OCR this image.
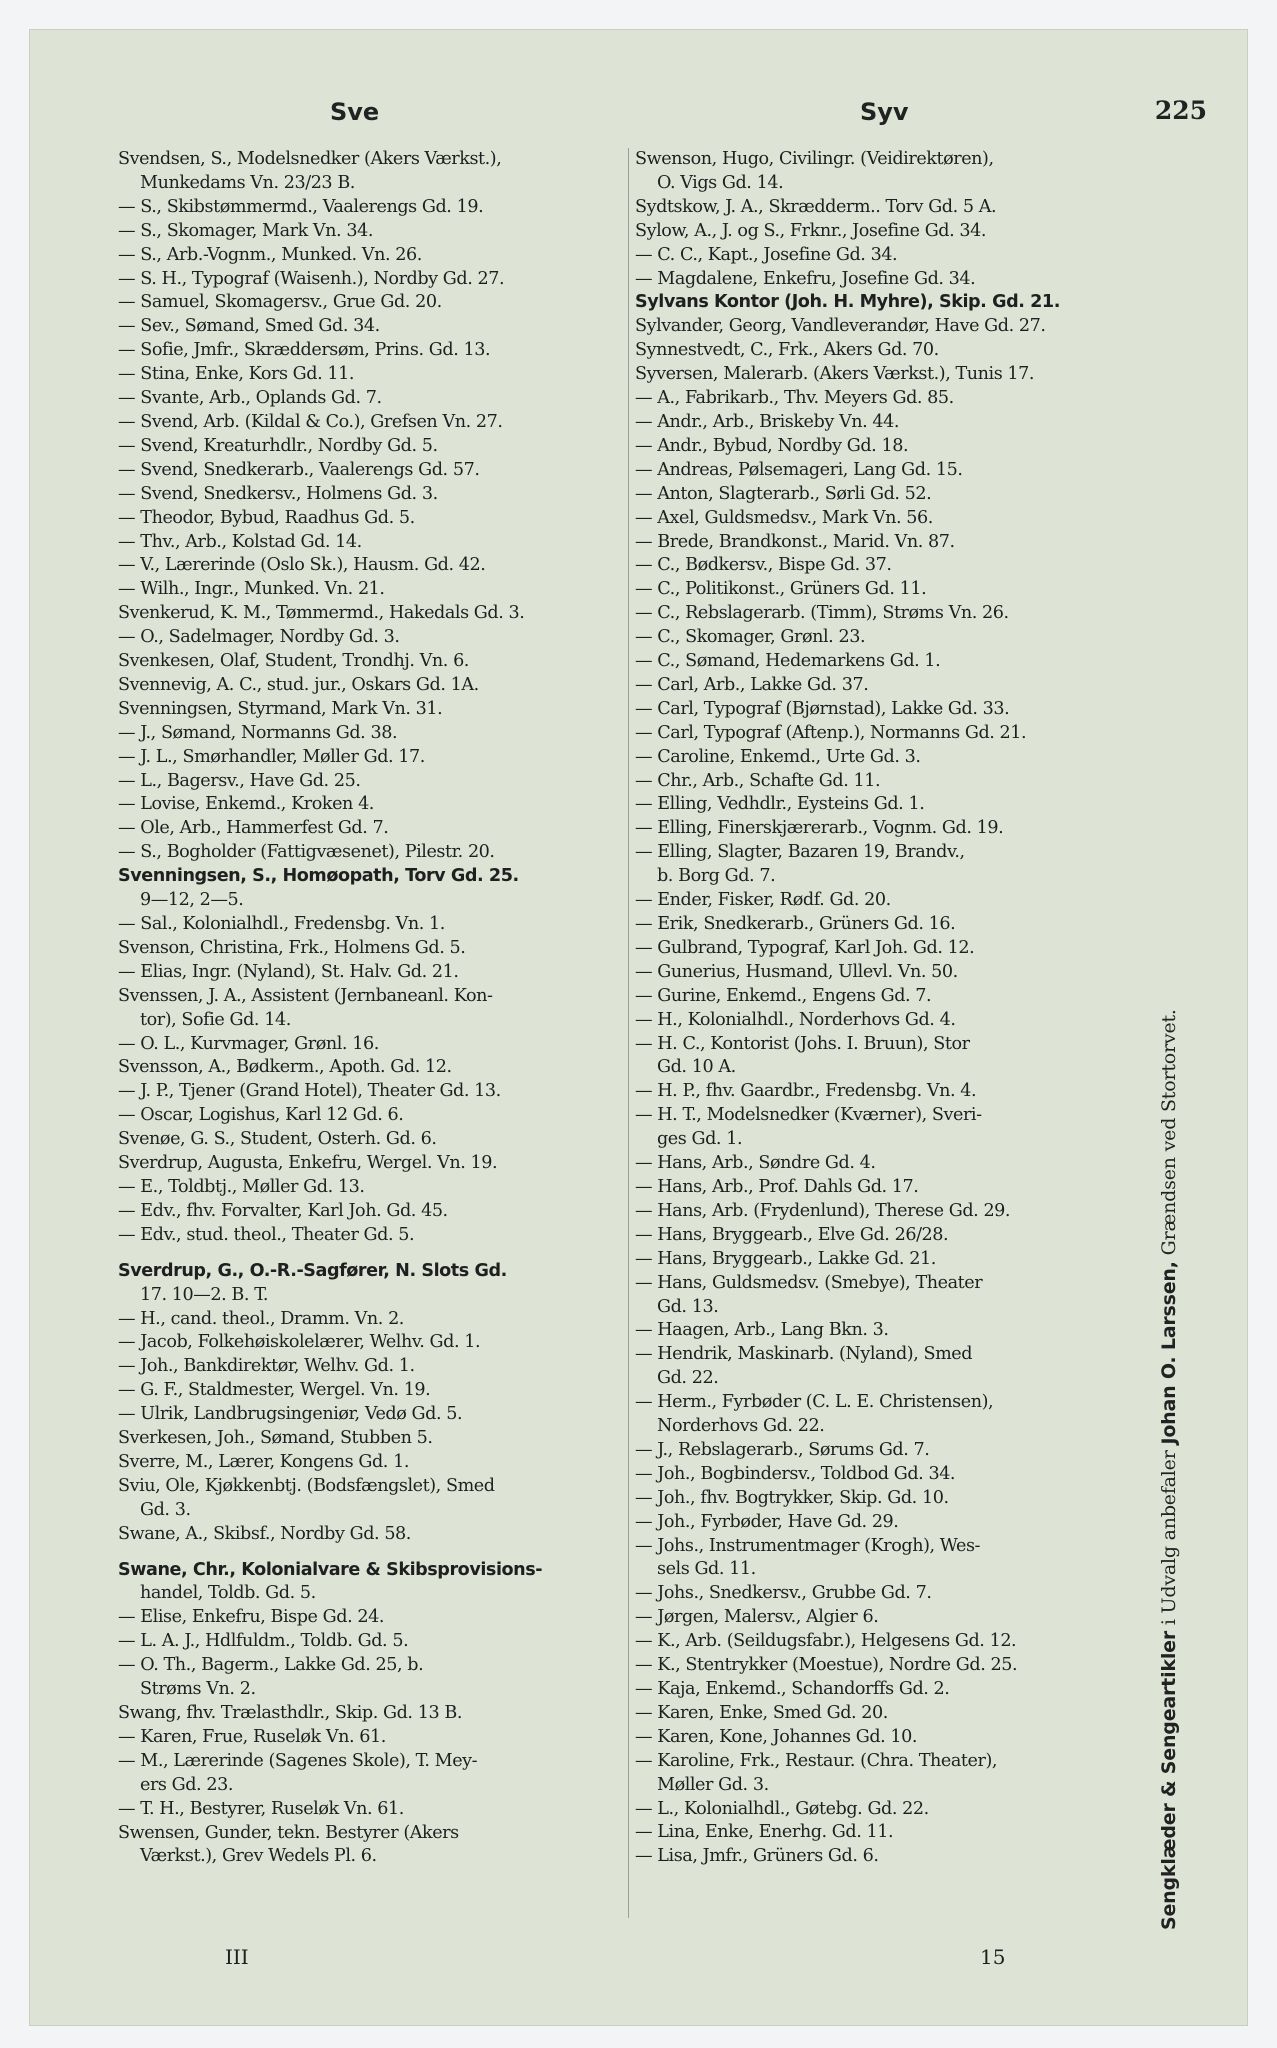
Sve	Syv	225
Svendsen, S., Modelsnedker (Akers Værkst.),
Munkedams Vn. 23/23 B.
— S., Skibstømmermd., Vaalerengs Gd. 19.
— S., Skomager, Mark Vn. 34.
— S., Arb.-Vognm., Munked. Vn. 26.
— S. H., Typograf (Waisenh.), Nordby Gd. 27.
— Samuel, Skomagersv., Grue Gd. 20.
— Sev., Sømand, Smed Gd. 34.
— Sofie, Jmfr., Skræddersøm, Prins. Gd. 13.
— Stina, Enke, Kors Gd. 11.
— Svante, Arb., Oplands Gd. 7.
— Svend, Arb. (Kildal & Co.), Grefsen Vn. 27.
— Svend, Kreaturhdlr., Nordby Gd. 5.
— Svend, Snedkerarb., Vaalerengs Gd. 57.
— Svend, Snedkersv., Holmens Gd. 3.
— Theodor, Bybud, Raadhus Gd. 5.
— Thv., Arb., Kolstad Gd. 14.
— V., Lærerinde (Oslo Sk.), Hausm. Gd. 42.
— Wilh., Ingr., Munked. Vn. 21.
Svenkerud, K. M., Tømmermd., Hakedals Gd. 3.
— O., Sadelmager, Nordby Gd. 3.
Svenkesen, Olaf, Student, Trondhj. Vn. 6.
Svennevig, A. C., stud. jur., Oskars Gd. 1A.
Svenningsen, Styrmand, Mark Vn. 31.
— J., Sømand, Normanns Gd. 38.
— J. L., Smørhandler, Møller Gd. 17.
— L., Bagersv., Have Gd. 25.
— Lovise, Enkemd., Kroken 4.
— Ole, Arb., Hammerfest Gd. 7.
— S., Bogholder (Fattigvæsenet), Pilestr. 20.
Svenningsen, S., Homøopath, Torv Gd. 25.
9—12, 2—5.
— Sal., Kolonialhdl., Fredensbg. Vn. 1.
Svenson, Christina, Frk., Holmens Gd. 5.
— Elias, Ingr. (Nyland), St. Halv. Gd. 21.
Svenssen, J. A., Assistent (Jernbaneanl. Kon-
tor), Sofie Gd. 14.
— O. L., Kurvmager, Grønl. 16.
Svensson, A., Bødkerm., Apoth. Gd. 12.
— J. P., Tjener (Grand Hotel), Theater Gd. 13.
— Oscar, Logishus, Karl 12 Gd. 6.
Svenøe, G. S., Student, Osterh. Gd. 6.
Sverdrup, Augusta, Enkefru, Wergel. Vn. 19.
— E., Toldbtj., Møller Gd. 13.
— Edv., fhv. Forvalter, Karl Joh. Gd. 45.
— Edv., stud. theol., Theater Gd. 5.
Sverdrup, G., O.-R.-Sagfører, N. Slots Gd.
17. 10—2. B. T.
— H., cand. theol., Dramm. Vn. 2.
— Jacob, Folkehøiskolelærer, Welhv. Gd. 1.
— Joh., Bankdirektør, Welhv. Gd. 1.
— G. F., Staldmester, Wergel. Vn. 19.
— Ulrik, Landbrugsingeniør, Vedø Gd. 5.
Sverkesen, Joh., Sømand, Stubben 5.
Sverre, M., Lærer, Kongens Gd. 1.
Sviu, Ole, Kjøkkenbtj. (Bodsfængslet), Smed
Gd. 3.
Swane, A., Skibsf., Nordby Gd. 58.
Swane, Chr., Kolonialvare & Skibsprovisions-
handel, Toldb. Gd. 5.
— Elise, Enkefru, Bispe Gd. 24.
— L. A. J., Hdlfuldm., Toldb. Gd. 5.
— O. Th., Bagerm., Lakke Gd. 25, b.
Strøms Vn. 2.
Swang, fhv. Trælasthdlr., Skip. Gd. 13 B.
— Karen, Frue, Ruseløk Vn. 61.
— M., Lærerinde (Sagenes Skole), T. Mey-
ers Gd. 23.
— T. H., Bestyrer, Ruseløk Vn. 61.
Swensen, Gunder, tekn. Bestyrer (Akers
Værkst.), Grev Wedels Pl. 6.
Swenson, Hugo, Civilingr. (Veidirektøren),
O. Vigs Gd. 14.
Sydtskow, J. A., Skrædderm.. Torv Gd. 5 A.
Sylow, A., J. og S., Frknr., Josefine Gd. 34.
— C. C., Kapt., Josefine Gd. 34.
— Magdalene, Enkefru, Josefine Gd. 34.
Sylvans Kontor (Joh. H. Myhre), Skip. Gd. 21.
Sylvander, Georg, Vandleverandør, Have Gd. 27.
Synnestvedt, C., Frk., Akers Gd. 70.
Syversen, Malerarb. (Akers Værkst.), Tunis 17.
— A., Fabrikarb., Thv. Meyers Gd. 85.
— Andr., Arb., Briskeby Vn. 44.
— Andr., Bybud, Nordby Gd. 18.
— Andreas, Pølsemageri, Lang Gd. 15.
— Anton, Slagterarb., Sørli Gd. 52.
— Axel, Guldsmedsv., Mark Vn. 56.
— Brede, Brandkonst., Marid. Vn. 87.
— C., Bødkersv., Bispe Gd. 37.
— C., Politikonst., Grüners Gd. 11.
— C., Rebslagerarb. (Timm), Strøms Vn. 26.
— C., Skomager, Grønl. 23.
— C., Sømand, Hedemarkens Gd. 1.
— Carl, Arb., Lakke Gd. 37.
— Carl, Typograf (Bjørnstad), Lakke Gd. 33.
— Carl, Typograf (Aftenp.), Normanns Gd. 21.
— Caroline, Enkemd., Urte Gd. 3.
— Chr., Arb., Schafte Gd. 11.
— Elling, Vedhdlr., Eysteins Gd. 1.
— Elling, Finerskjærerarb., Vognm. Gd. 19.
— Elling, Slagter, Bazaren 19, Brandv.,
b. Borg Gd. 7.
— Ender, Fisker, Rødf. Gd. 20.
— Erik, Snedkerarb., Grüners Gd. 16.
— Gulbrand, Typograf, Karl Joh. Gd. 12.
— Gunerius, Husmand, Ullevl. Vn. 50.
— Gurine, Enkemd., Engens Gd. 7.
— H., Kolonialhdl., Norderhovs Gd. 4.
— H. C., Kontorist (Johs. I. Bruun), Stor
Gd. 10 A.
— H. P., fhv. Gaardbr., Fredensbg. Vn. 4.
— H. T., Modelsnedker (Kværner), Sveri-
ges Gd. 1.
— Hans, Arb., Søndre Gd. 4.
— Hans, Arb., Prof. Dahls Gd. 17.
— Hans, Arb. (Frydenlund), Therese Gd. 29.
— Hans, Bryggearb., Elve Gd. 26/28.
— Hans, Bryggearb., Lakke Gd. 21.
— Hans, Guldsmedsv. (Smebye), Theater
Gd. 13.
— Haagen, Arb., Lang Bkn. 3.
— Hendrik, Maskinarb. (Nyland), Smed
Gd. 22.
— Herm., Fyrbøder (C. L. E. Christensen),
Norderhovs Gd. 22.
— J., Rebslagerarb., Sørums Gd. 7.
— Joh., Bogbindersv., Toldbod Gd. 34.
— Joh., fhv. Bogtrykker, Skip. Gd. 10.
— Joh., Fyrbøder, Have Gd. 29.
— Johs., Instrumentmager (Krogh), Wes-
sels Gd. 11.
— Johs., Snedkersv., Grubbe Gd. 7.
— Jørgen, Malersv., Algier 6.
— K., Arb. (Seildugsfabr.), Helgesens Gd. 12.
— K., Stentrykker (Moestue), Nordre Gd. 25.
— Kaja, Enkemd., Schandorffs Gd. 2.
— Karen, Enke, Smed Gd. 20.
— Karen, Kone, Johannes Gd. 10.
— Karoline, Frk., Restaur. (Chra. Theater),
Møller Gd. 3.
— L., Kolonialhdl., Gøtebg. Gd. 22.
— Lina, Enke, Enerhg. Gd. 11.
— Lisa, Jmfr., Grüners Gd. 6.	Sengklæder & Sengeartikler i Udvalg anbefaler Johan O. Larssen, Grændsen ved Stortorvet.
III	15
